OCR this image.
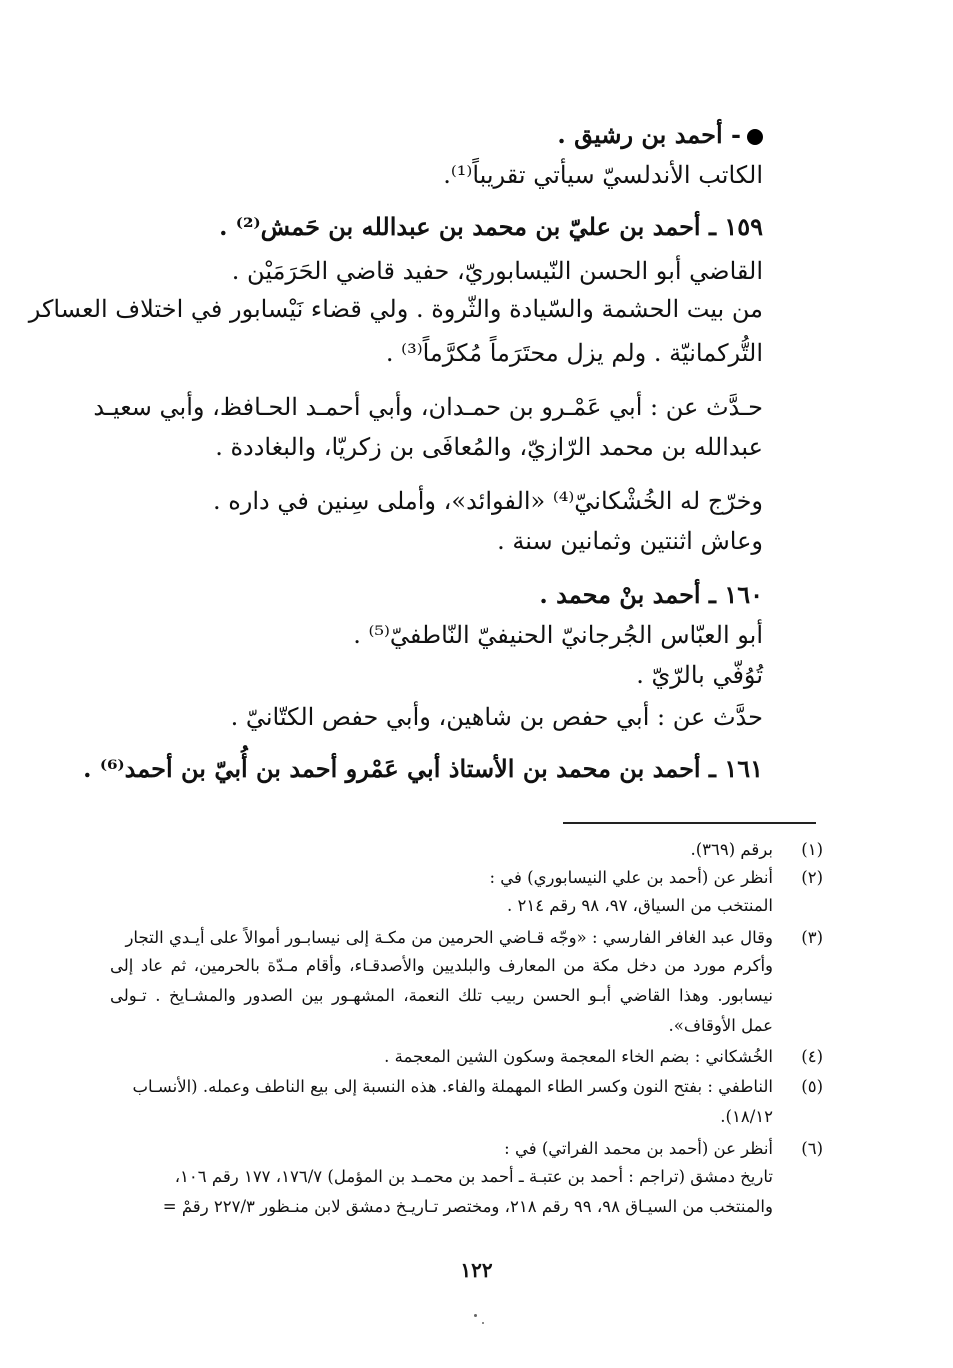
- أحمد بن رشيق .
الكاتب الأندلسيّ سيأتي تقريباً⁽¹⁾.
١٥٩ ـ أحمد بن عليّ بن محمد بن عبدالله بن حَمش⁽²⁾ .
القاضي أبو الحسن النّيسابوريّ، حفيد قاضي الحَرَمَيْن .
من بيت الحشمة والسّيادة والثّروة . ولي قضاء نَيْسابور في اختلاف العساكر
التُّركمانيّة . ولم يزل محتَرَماً مُكرَّماً⁽³⁾ .
حـدَّث عن : أبي عَمْـرو بن حمـدان، وأبي أحمـد الحـافظ، وأبي سعيـد
عبدالله بن محمد الرّازيّ، والمُعافَى بن زكريّا، والبغاددة .
وخرّج له الخُشْكانيّ⁽⁴⁾ «الفوائد»، وأملى سِنين في داره .
وعاش اثنتين وثمانين سنة .
١٦٠ ـ أحمد بنْ محمد .
أبو العبّاس الجُرجانيّ الحنيفيّ النّاطفيّ⁽⁵⁾ .
تُوُفّي بالرّيّ .
حدَّث عن : أبي حفص بن شاهين، وأبي حفص الكتّانيّ .
١٦١ ـ أحمد بن محمد بن الأستاذ أبي عَمْرو أحمد بن أُبيّ بن أحمد⁽⁶⁾ .
(١)برقم (٣٦٩).
(٢)أنظر عن (أحمد بن علي النيسابوري) في :
المنتخب من السياق، ٩٧، ٩٨ رقم ٢١٤ .
(٣)وقال عبد الغافر الفارسي : «وجّه قـاضي الحرمين من مكـة إلى نيسابـور أموالاً على أيـدي التجار
وأكرم مورد من دخل مكة من المعارف والبلديين والأصدقـاء، وأقام مـدّة بالحرمين، ثم عاد إلى
نيسابور. وهذا القاضي أبـو الحسن ربيب تلك النعمة، المشهـور بين الصدور والمشـايخ . تـولى
عمل الأوقاف».
(٤)الخُشكاني : بضم الخاء المعجمة وسكون الشين المعجمة .
(٥)الناطفي : بفتح النون وكسر الطاء المهملة والفاء. هذه النسبة إلى بيع الناطف وعمله. (الأنسـاب
١٨/١٢).
(٦)أنظر عن (أحمد بن محمد الفراتي) في :
تاريخ دمشق (تراجم : أحمد بن عتبـة ـ أحمد بن محمـد بن المؤمل) ١٧٦/٧، ١٧٧ رقم ١٠٦،
والمنتخب من السيـاق ٩٨، ٩٩ رقم ٢١٨، ومختصر تـاريـخ دمشق لابن منـظور ٢٢٧/٣ رقمْ =
١٢٢
